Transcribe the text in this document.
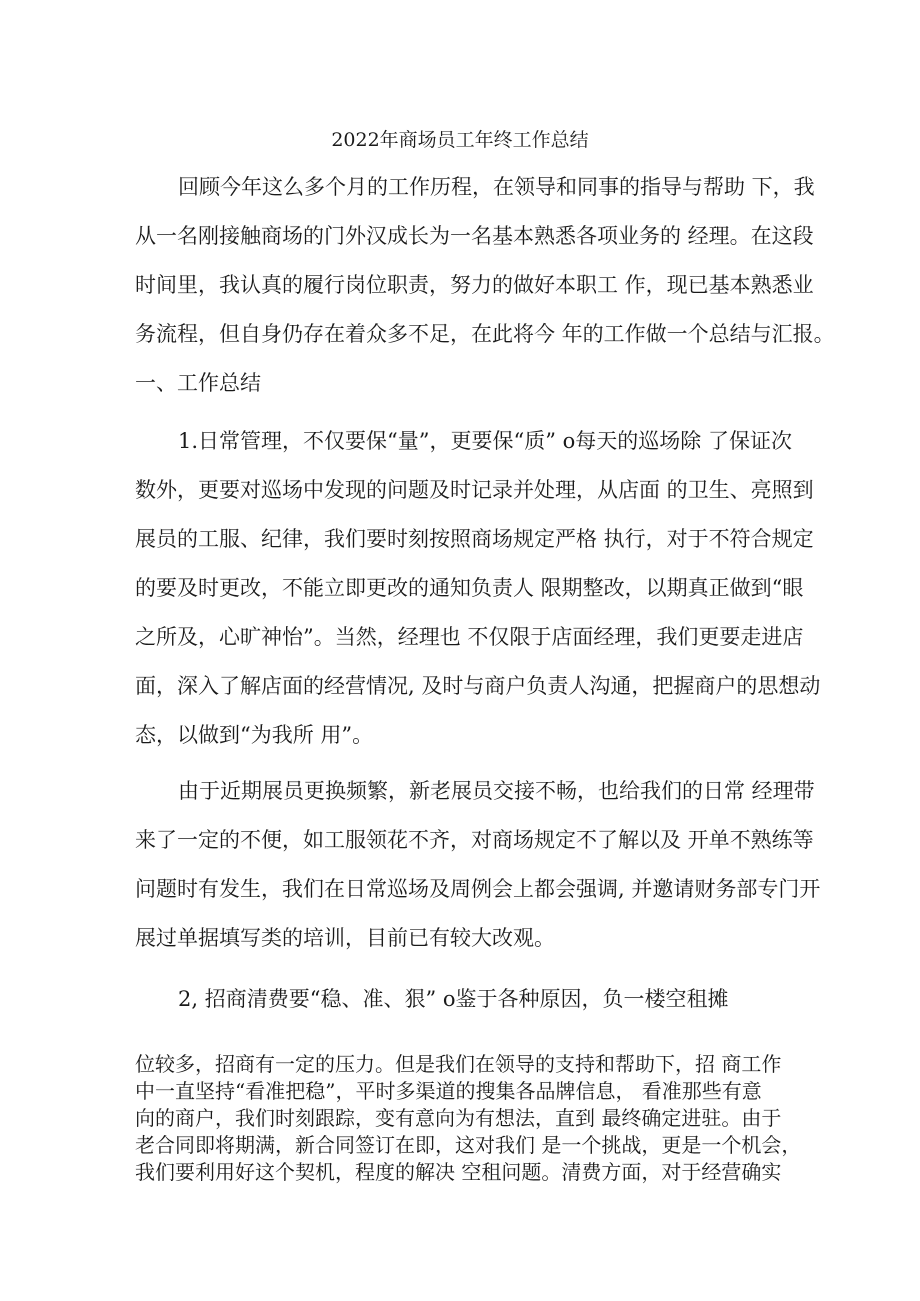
2022年商场员工年终工作总结
回顾今年这么多个月的工作历程，在领导和同事的指导与帮助 下，我
从一名刚接触商场的门外汉成长为一名基本熟悉各项业务的 经理。在这段
时间里，我认真的履行岗位职责，努力的做好本职工 作，现已基本熟悉业
务流程，但自身仍存在着众多不足，在此将今 年的工作做一个总结与汇报。
一、工作总结
1.日常管理，不仅要保“量”，更要保“质” o每天的巡场除 了保证次
数外，更要对巡场中发现的问题及时记录并处理，从店面 的卫生、亮照到
展员的工服、纪律，我们要时刻按照商场规定严格 执行，对于不符合规定
的要及时更改，不能立即更改的通知负责人 限期整改，以期真正做到“眼
之所及，心旷神怡”。当然，经理也 不仅限于店面经理，我们更要走进店
面，深入了解店面的经营情况, 及时与商户负责人沟通，把握商户的思想动
态，以做到“为我所 用”。
由于近期展员更换频繁，新老展员交接不畅，也给我们的日常 经理带
来了一定的不便，如工服领花不齐，对商场规定不了解以及 开单不熟练等
问题时有发生，我们在日常巡场及周例会上都会强调, 并邀请财务部专门开
展过单据填写类的培训，目前已有较大改观。
2, 招商清费要“稳、准、狠” o鉴于各种原因，负一楼空租摊
位较多，招商有一定的压力。但是我们在领导的支持和帮助下，招 商工作
中一直坚持“看准把稳”，平时多渠道的搜集各品牌信息， 看准那些有意
向的商户，我们时刻跟踪，变有意向为有想法，直到 最终确定进驻。由于
老合同即将期满，新合同签订在即，这对我们 是一个挑战，更是一个机会，
我们要利用好这个契机，程度的解决 空租问题。清费方面，对于经营确实
